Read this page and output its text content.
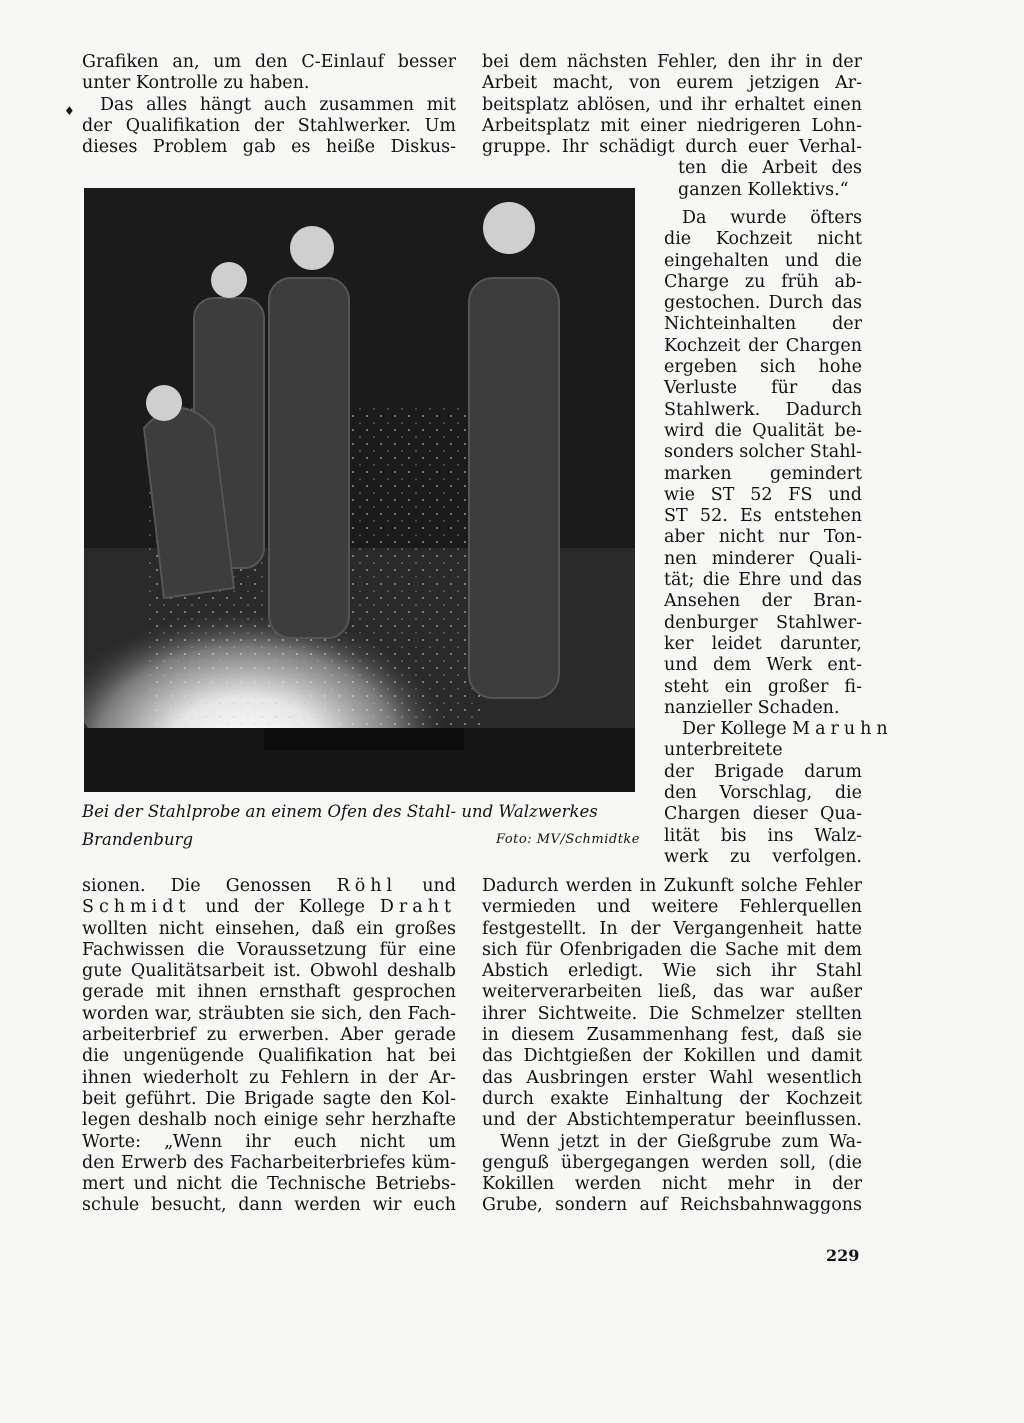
♦

Grafiken an, um den C-Einlauf besser

unter Kontrolle zu haben.

Das alles hängt auch zusammen mit

der Qualifikation der Stahlwerker. Um

dieses Problem gab es heiße Diskus-

bei dem nächsten Fehler, den ihr in der

Arbeit macht, von eurem jetzigen Ar-

beitsplatz ablösen, und ihr erhaltet einen

Arbeitsplatz mit einer niedrigeren Lohn-

gruppe. Ihr schädigt durch euer Verhal-

ten die Arbeit des

ganzen Kollektivs.“

Bei der Stahlprobe an einem Ofen des Stahl- und Walzwerkes
Brandenburg	Foto: MV/Schmidtke

Da wurde öfters

die Kochzeit nicht

eingehalten und die

Charge zu früh ab-

gestochen. Durch das

Nichteinhalten der

Kochzeit der Chargen

ergeben sich hohe

Verluste für das

Stahlwerk. Dadurch

wird die Qualität be-

sonders solcher Stahl-

marken gemindert

wie ST 52 FS und

ST 52. Es entstehen

aber nicht nur Ton-

nen minderer Quali-

tät; die Ehre und das

Ansehen der Bran-

denburger Stahlwer-

ker leidet darunter,

und dem Werk ent-

steht ein großer fi-

nanzieller Schaden.

Der Kollege Maruhn

unterbreitete

der Brigade darum

den Vorschlag, die

Chargen dieser Qua-

lität bis ins Walz-

werk zu verfolgen.

sionen. Die Genossen Röhl und

Schmidt und der Kollege Draht

wollten nicht einsehen, daß ein großes

Fachwissen die Voraussetzung für eine

gute Qualitätsarbeit ist. Obwohl deshalb

gerade mit ihnen ernsthaft gesprochen

worden war, sträubten sie sich, den Fach-

arbeiterbrief zu erwerben. Aber gerade

die ungenügende Qualifikation hat bei

ihnen wiederholt zu Fehlern in der Ar-

beit geführt. Die Brigade sagte den Kol-

legen deshalb noch einige sehr herzhafte

Worte: „Wenn ihr euch nicht um

den Erwerb des Facharbeiterbriefes küm-

mert und nicht die Technische Betriebs-

schule besucht, dann werden wir euch

Dadurch werden in Zukunft solche Fehler

vermieden und weitere Fehlerquellen

festgestellt. In der Vergangenheit hatte

sich für Ofenbrigaden die Sache mit dem

Abstich erledigt. Wie sich ihr Stahl

weiterverarbeiten ließ, das war außer

ihrer Sichtweite. Die Schmelzer stellten

in diesem Zusammenhang fest, daß sie

das Dichtgießen der Kokillen und damit

das Ausbringen erster Wahl wesentlich

durch exakte Einhaltung der Kochzeit

und der Abstichtemperatur beeinflussen.

Wenn jetzt in der Gießgrube zum Wa-

genguß übergegangen werden soll, (die

Kokillen werden nicht mehr in der

Grube, sondern auf Reichsbahnwaggons

229
